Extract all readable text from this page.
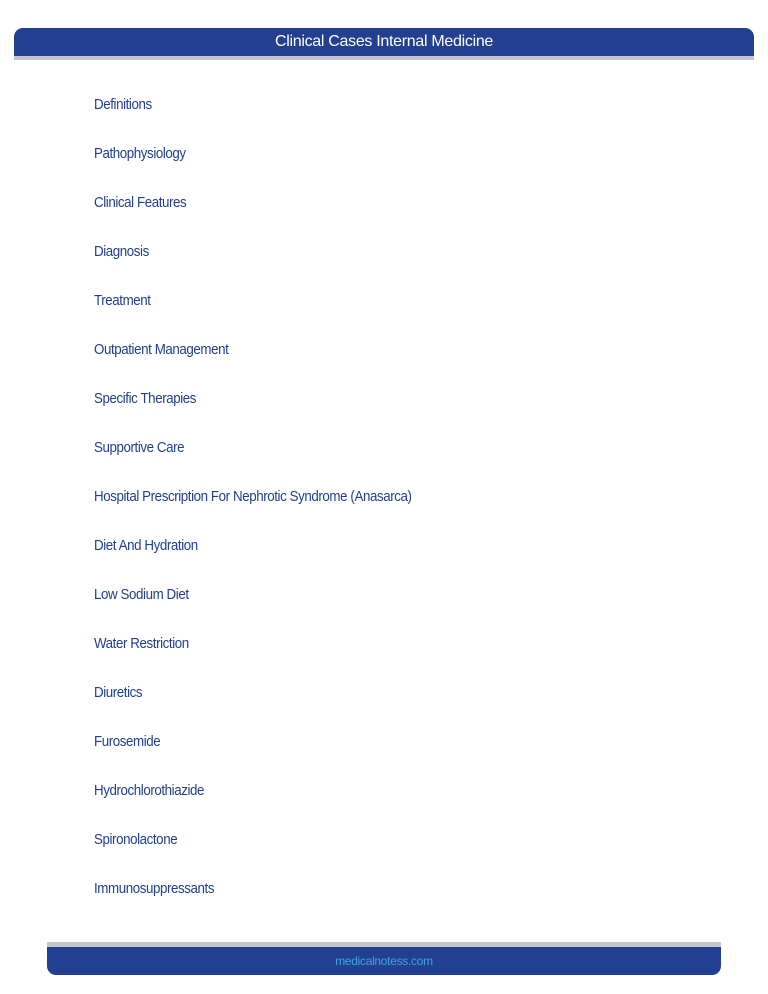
Clinical Cases Internal Medicine
Definitions
Pathophysiology
Clinical Features
Diagnosis
Treatment
Outpatient Management
Specific Therapies
Supportive Care
Hospital Prescription For Nephrotic Syndrome (Anasarca)
Diet And Hydration
Low Sodium Diet
Water Restriction
Diuretics
Furosemide
Hydrochlorothiazide
Spironolactone
Immunosuppressants
medicalnotess.com
